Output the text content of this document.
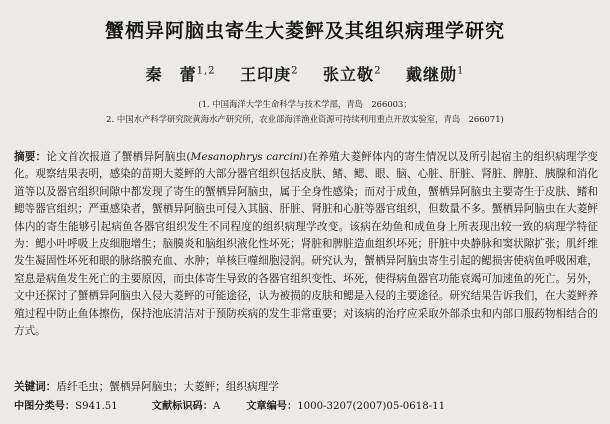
蟹栖异阿脑虫寄生大菱鲆及其组织病理学研究
秦　蕾$^{1,2}$ 王印庚$^2$ 张立敬$^2$ 戴继勋$^1$
(1. 中国海洋大学生命科学与技术学部，青岛　266003；
2. 中国水产科学研究院黄海水产研究所，农业部海洋渔业资源可持续利用重点开放实验室，青岛　266071)
摘要：论文首次报道了蟹栖异阿脑虫(Mesanophrys carcini)在养殖大菱鲆体内的寄生情况以及所引起宿主的组织病理学变化。观察结果表明，感染的苗期大菱鲆的大部分器官组织包括皮肤、鳍、鳃、眼、脑、心脏、肝脏、肾脏、脾脏、胰腺和消化道等以及器官组织间隙中都发现了寄生的蟹栖异阿脑虫，属于全身性感染；而对于成鱼，蟹栖异阿脑虫主要寄生于皮肤、鳍和鳃等器官组织；严重感染者，蟹栖异阿脑虫可侵入其脑、肝脏、肾脏和心脏等器官组织，但数量不多。蟹栖异阿脑虫在大菱鲆体内的寄生能够引起病鱼各器官组织发生不同程度的组织病理学改变。该病在幼鱼和成鱼身上所表现出较一致的病理学特征为：鳃小叶呼吸上皮细胞增生；脑膜炎和脑组织液化性坏死；肾脏和脾脏造血组织坏死；肝脏中央静脉和窦状隙扩张；肌纤维发生凝固性坏死和眼的脉络膜充血、水肿；单核巨噬细胞浸润。研究认为，蟹栖异阿脑虫寄生引起的鳃损害使病鱼呼吸困难，窒息是病鱼发生死亡的主要原因，而虫体寄生导致的各器官组织变性、坏死，使得病鱼器官功能衰竭可加速鱼的死亡。另外，文中还探讨了蟹栖异阿脑虫入侵大菱鲆的可能途径，认为被损的皮肤和鳃是入侵的主要途径。研究结果告诉我们，在大菱鲆养殖过程中防止鱼体擦伤，保持池底清洁对于预防疾病的发生非常重要；对该病的治疗应采取外部杀虫和内部口服药物相结合的方式。
关键词：盾纤毛虫；蟹栖异阿脑虫；大菱鲆；组织病理学
中图分类号：S941.51	文献标识码：A	文章编号：1000-3207(2007)05-0618-11
